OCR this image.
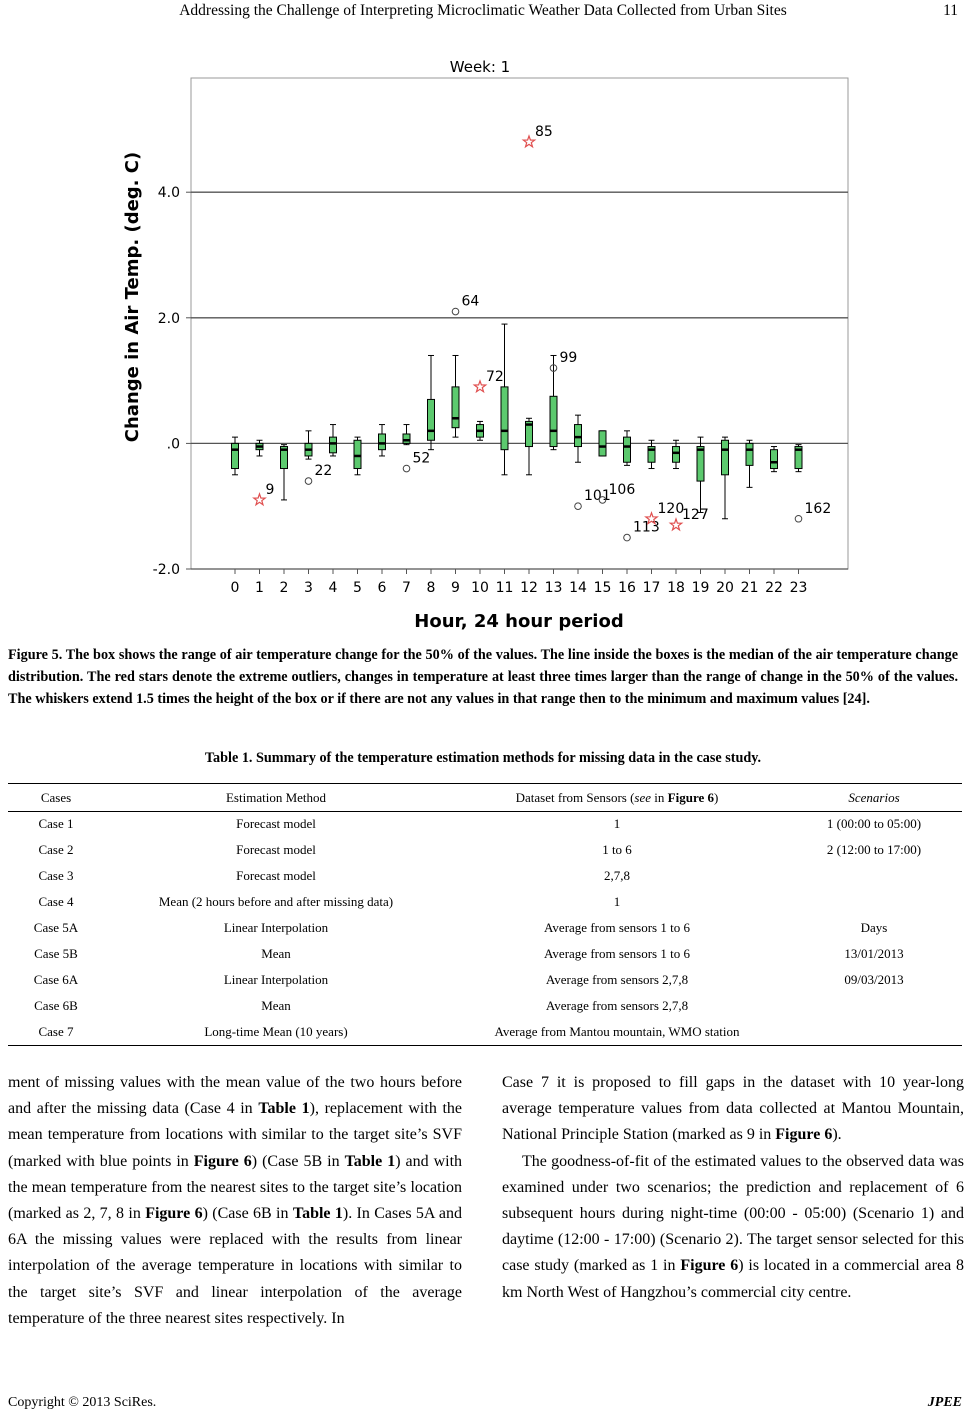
Addressing the Challenge of Interpreting Microclimatic Weather Data Collected from Urban Sites	11
Week: 1
-2.0
.0
2.0
4.0
9
22
52
64
72
85
99
101
106
113
120
127	162
0 1 2 3 4 5 6 7 8 9 10 11 12 13 14 15 16 17 18 19 20 21 22 23
Hour, 24 hour period
Change in Air Temp. (deg. C)
Figure 5. The box shows the range of air temperature change for the 50% of the values. The line inside the boxes is the median of the air temperature change distribution. The red stars denote the extreme outliers, changes in temperature at least three times larger than the range of change in the 50% of the values. The whiskers extend 1.5 times the height of the box or if there are not any values in that range then to the minimum and maximum values [24].
Table 1. Summary of the temperature estimation methods for missing data in the case study.
Cases	Estimation Method	Dataset from Sensors (see in Figure 6)	Scenarios
Case 1	Forecast model	1	1 (00:00 to 05:00)
Case 2	Forecast model	1 to 6	2 (12:00 to 17:00)
Case 3	Forecast model	2,7,8	
Case 4	Mean (2 hours before and after missing data)	1	
Case 5A	Linear Interpolation	Average from sensors 1 to 6	Days
Case 5B	Mean	Average from sensors 1 to 6	13/01/2013
Case 6A	Linear Interpolation	Average from sensors 2,7,8	09/03/2013
Case 6B	Mean	Average from sensors 2,7,8	
Case 7	Long-time Mean (10 years)	Average from Mantou mountain, WMO station	

ment of missing values with the mean value of the two hours before and after the missing data (Case 4 in Table 1), replacement with the mean temperature from locations with similar to the target site’s SVF (marked with blue points in Figure 6) (Case 5B in Table 1) and with the mean temperature from the nearest sites to the target site’s location (marked as 2, 7, 8 in Figure 6) (Case 6B in Table 1). In Cases 5A and 6A the missing values were replaced with the results from linear interpolation of the average temperature in locations with similar to the target site’s SVF and linear interpolation of the average temperature of the three nearest sites respectively. In

Case 7 it is proposed to fill gaps in the dataset with 10 year-long average temperature values from data collected at Mantou Mountain, National Principle Station (marked as 9 in Figure 6).

The goodness-of-fit of the estimated values to the observed data was examined under two scenarios; the prediction and replacement of 6 subsequent hours during night-time (00:00 - 05:00) (Scenario 1) and daytime (12:00 - 17:00) (Scenario 2). The target sensor selected for this case study (marked as 1 in Figure 6) is located in a commercial area 8 km North West of Hangzhou’s commercial city centre.

Copyright © 2013 SciRes.	JPEE
